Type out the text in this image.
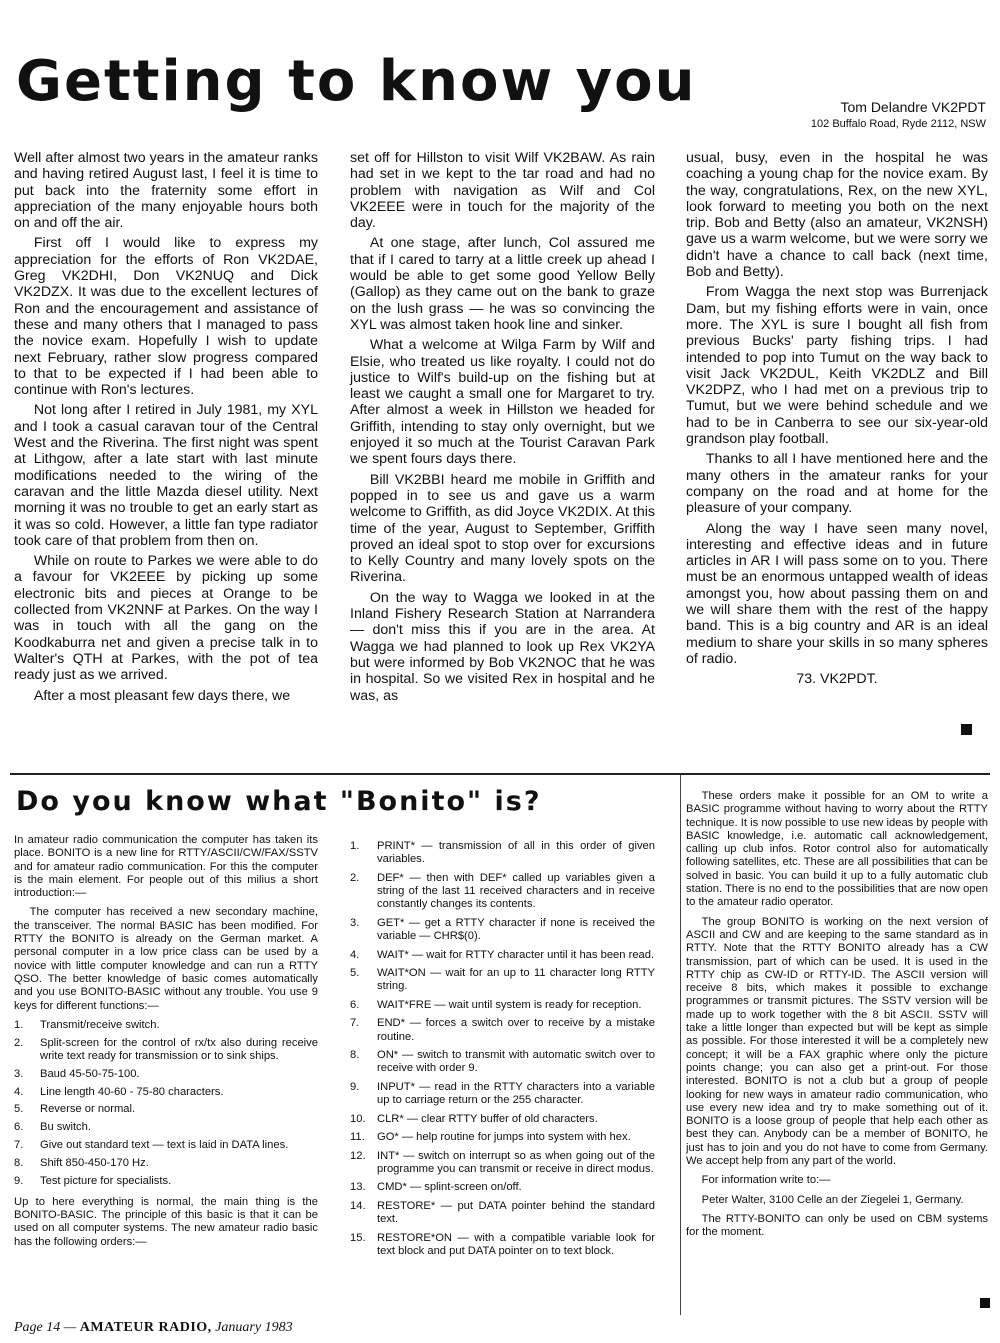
Getting to know you	Tom Delandre VK2PDT
102 Buffalo Road, Ryde 2112, NSW

Well after almost two years in the amateur ranks and having retired August last, I feel it is time to put back into the fraternity some effort in appreciation of the many enjoyable hours both on and off the air.

First off I would like to express my appreciation for the efforts of Ron VK2DAE, Greg VK2DHI, Don VK2NUQ and Dick VK2DZX. It was due to the excellent lectures of Ron and the encouragement and assistance of these and many others that I managed to pass the novice exam. Hopefully I wish to update next February, rather slow progress compared to that to be expected if I had been able to continue with Ron's lectures.

Not long after I retired in July 1981, my XYL and I took a casual caravan tour of the Central West and the Riverina. The first night was spent at Lithgow, after a late start with last minute modifications needed to the wiring of the caravan and the little Mazda diesel utility. Next morning it was no trouble to get an early start as it was so cold. However, a little fan type radiator took care of that problem from then on.

While on route to Parkes we were able to do a favour for VK2EEE by picking up some electronic bits and pieces at Orange to be collected from VK2NNF at Parkes. On the way I was in touch with all the gang on the Koodkaburra net and given a precise talk in to Walter's QTH at Parkes, with the pot of tea ready just as we arrived.

After a most pleasant few days there, we

set off for Hillston to visit Wilf VK2BAW. As rain had set in we kept to the tar road and had no problem with navigation as Wilf and Col VK2EEE were in touch for the majority of the day.

At one stage, after lunch, Col assured me that if I cared to tarry at a little creek up ahead I would be able to get some good Yellow Belly (Gallop) as they came out on the bank to graze on the lush grass — he was so convincing the XYL was almost taken hook line and sinker.

What a welcome at Wilga Farm by Wilf and Elsie, who treated us like royalty. I could not do justice to Wilf's build-up on the fishing but at least we caught a small one for Margaret to try. After almost a week in Hillston we headed for Griffith, intending to stay only overnight, but we enjoyed it so much at the Tourist Caravan Park we spent fours days there.

Bill VK2BBI heard me mobile in Griffith and popped in to see us and gave us a warm welcome to Griffith, as did Joyce VK2DIX. At this time of the year, August to September, Griffith proved an ideal spot to stop over for excursions to Kelly Country and many lovely spots on the Riverina.

On the way to Wagga we looked in at the Inland Fishery Research Station at Narrandera — don't miss this if you are in the area. At Wagga we had planned to look up Rex VK2YA but were informed by Bob VK2NOC that he was in hospital. So we visited Rex in hospital and he was, as

usual, busy, even in the hospital he was coaching a young chap for the novice exam. By the way, congratulations, Rex, on the new XYL, look forward to meeting you both on the next trip. Bob and Betty (also an amateur, VK2NSH) gave us a warm welcome, but we were sorry we didn't have a chance to call back (next time, Bob and Betty).

From Wagga the next stop was Burrenjack Dam, but my fishing efforts were in vain, once more. The XYL is sure I bought all fish from previous Bucks' party fishing trips. I had intended to pop into Tumut on the way back to visit Jack VK2DUL, Keith VK2DLZ and Bill VK2DPZ, who I had met on a previous trip to Tumut, but we were behind schedule and we had to be in Canberra to see our six-year-old grandson play football.

Thanks to all I have mentioned here and the many others in the amateur ranks for your company on the road and at home for the pleasure of your company.

Along the way I have seen many novel, interesting and effective ideas and in future articles in AR I will pass some on to you. There must be an enormous untapped wealth of ideas amongst you, how about passing them on and we will share them with the rest of the happy band. This is a big country and AR is an ideal medium to share your skills in so many spheres of radio.

73. VK2PDT.

Do you know what "Bonito" is?

In amateur radio communication the computer has taken its place. BONITO is a new line for RTTY/ASCII/CW/FAX/SSTV and for amateur radio communication. For this the computer is the main element. For people out of this milius a short introduction:—

The computer has received a new secondary machine, the transceiver. The normal BASIC has been modified. For RTTY the BONITO is already on the German market. A personal computer in a low price class can be used by a novice with little computer knowledge and can run a RTTY QSO. The better knowledge of basic comes automatically and you use BONITO-BASIC without any trouble. You use 9 keys for different functions:—

1.	Transmit/receive switch.
2.	Split-screen for the control of rx/tx also during receive write text ready for transmission or to sink ships.
3.	Baud 45-50-75-100.
4.	Line length 40-60 - 75-80 characters.
5.	Reverse or normal.
6.	Bu switch.
7.	Give out standard text — text is laid in DATA lines.
8.	Shift 850-450-170 Hz.
9.	Test picture for specialists.

Up to here everything is normal, the main thing is the BONITO-BASIC. The principle of this basic is that it can be used on all computer systems. The new amateur radio basic has the following orders:—

1.	PRINT* — transmission of all in this order of given variables.
2.	DEF* — then with DEF* called up variables given a string of the last 11 received characters and in receive constantly changes its contents.
3.	GET* — get a RTTY character if none is received the variable — CHR$(0).
4.	WAIT* — wait for RTTY character until it has been read.
5.	WAIT*ON — wait for an up to 11 character long RTTY string.
6.	WAIT*FRE — wait until system is ready for reception.
7.	END* — forces a switch over to receive by a mistake routine.
8.	ON* — switch to transmit with automatic switch over to receive with order 9.
9.	INPUT* — read in the RTTY characters into a variable up to carriage return or the 255 character.
10.	CLR* — clear RTTY buffer of old characters.
11.	GO* — help routine for jumps into system with hex.
12.	INT* — switch on interrupt so as when going out of the programme you can transmit or receive in direct modus.
13.	CMD* — splint-screen on/off.
14.	RESTORE* — put DATA pointer behind the standard text.
15.	RESTORE*ON — with a compatible variable look for text block and put DATA pointer on to text block.

These orders make it possible for an OM to write a BASIC programme without having to worry about the RTTY technique. It is now possible to use new ideas by people with BASIC knowledge, i.e. automatic call acknowledgement, calling up club infos. Rotor control also for automatically following satellites, etc. These are all possibilities that can be solved in basic. You can build it up to a fully automatic club station. There is no end to the possibilities that are now open to the amateur radio operator.

The group BONITO is working on the next version of ASCII and CW and are keeping to the same standard as in RTTY. Note that the RTTY BONITO already has a CW transmission, part of which can be used. It is used in the RTTY chip as CW-ID or RTTY-ID. The ASCII version will receive 8 bits, which makes it possible to exchange programmes or transmit pictures. The SSTV version will be made up to work together with the 8 bit ASCII. SSTV will take a little longer than expected but will be kept as simple as possible. For those interested it will be a completely new concept; it will be a FAX graphic where only the picture points change; you can also get a print-out. For those interested. BONITO is not a club but a group of people looking for new ways in amateur radio communication, who use every new idea and try to make something out of it. BONITO is a loose group of people that help each other as best they can. Anybody can be a member of BONITO, he just has to join and you do not have to come from Germany. We accept help from any part of the world.

For information write to:—

Peter Walter, 3100 Celle an der Ziegelei 1, Germany.

The RTTY-BONITO can only be used on CBM systems for the moment.

Page 14 — AMATEUR RADIO, January 1983
